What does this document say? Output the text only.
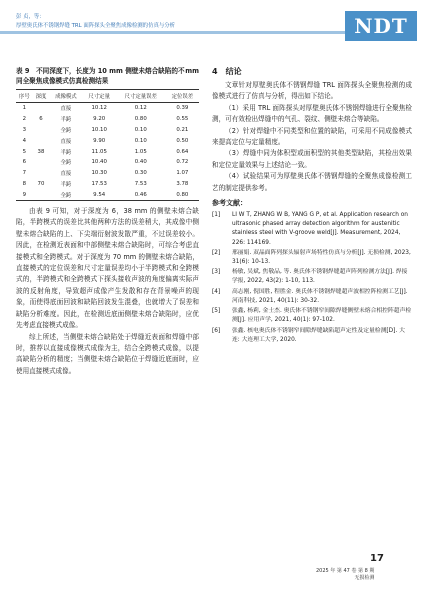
彭 贞，等：
厚壁奥氏体不锈钢焊缝 TRL 面阵探头全聚焦成像检测的仿真与分析	NDT
mm
表 9　不同深度下，长度为 10 mm 侧壁未熔合缺陷的不同全聚焦成像模式仿真检测结果
序号	深度	成像模式	尺寸定量	尺寸定量误差	定位误差
1		直接	10.12	0.12	0.39
2	6	半跨	9.20	0.80	0.55
3		全跨	10.10	0.10	0.21
4		直接	9.90	0.10	0.50
5	38	半跨	11.05	1.05	0.64
6		全跨	10.40	0.40	0.72
7		直接	10.30	0.30	1.07
8	70	半跨	17.53	7.53	3.78
9		全跨	9.54	0.46	0.80

由表 9 可知，对于深度为 6，38 mm 的侧壁未熔合缺陷，半跨模式的误差比其他两种方法的误差稍大，其成像中侧壁未熔合缺陷的上、下尖端衍射波发散严重，不过误差较小。因此，在检测近表面和中部侧壁未熔合缺陷时，可综合考虑直接模式和全跨模式。对于深度为 70 mm 的侧壁未熔合缺陷，直接模式的定位误差和尺寸定量误差均小于半跨模式和全跨模式的，半跨模式和全跨模式下探头接收声波的角度偏离实际声波的反射角度，导致超声成像产生发散和存在背景噪声的现象，而使得底面回波和缺陷回波发生混叠，也就增大了误差和缺陷分析难度。因此，在检测近底面侧壁未熔合缺陷时，应优先考虑直接模式成像。

综上所述，当侧壁未熔合缺陷处于焊缝近表面和焊缝中部时，推荐以直接成像模式成像为主，结合全跨模式成像，以提高缺陷分析的精度；当侧壁未熔合缺陷位于焊缝近底面时，应使用直接模式成像。

4　结论

文章针对厚壁奥氏体不锈钢焊缝 TRL 面阵探头全聚焦检测的成像模式进行了仿真与分析，得出如下结论。

（1）采用 TRL 面阵探头对厚壁奥氏体不锈钢焊缝进行全聚焦检测，可有效检出焊缝中的气孔、裂纹、侧壁未熔合等缺陷。

（2）针对焊缝中不同类型和位置的缺陷，可采用不同成像模式来提高定位与定量精度。

（3）焊缝中同为体积型或面积型的其他类型缺陷，其检出效果和定位定量效果与上述结论一致。

（4）试验结果可为厚壁奥氏体不锈钢焊缝的全聚焦成像检测工艺的制定提供参考。

参考文献：
[1] LI W T, ZHANG W B, YANG G P, et al. Application research on ultrasonic phased array detection algorithm for austenitic stainless steel with V-groove weld[J]. Measurement, 2024, 226: 114169.
[2] 邢丽娟. 双晶面阵列探头辐射声场特性仿真与分析[J]. 无损检测, 2023, 31(6): 10-13.
[3] 杨敏, 吴斌, 焦敬品, 等. 奥氏体不锈钢焊缝超声阵列检测方法[J]. 焊接学报, 2022, 43(2): 1-10, 113.
[4] 高志刚, 倪国胜, 程胜金. 奥氏体不锈钢焊缝超声波相控阵检测工艺[J]. 河南科技, 2021, 40(11): 30-32.
[5] 张鑫, 杨莉, 金士杰. 奥氏体不锈钢窄间隙焊缝侧壁未熔合相控阵超声检测[J]. 应用声学, 2021, 40(1): 97-102.
[6] 张鑫. 核电奥氏体不锈钢窄间隙焊缝缺陷超声定性及定量检测[D]. 大连: 大连理工大学, 2020.
17
2025 年 第 47 卷 第 8 期
无损检测
